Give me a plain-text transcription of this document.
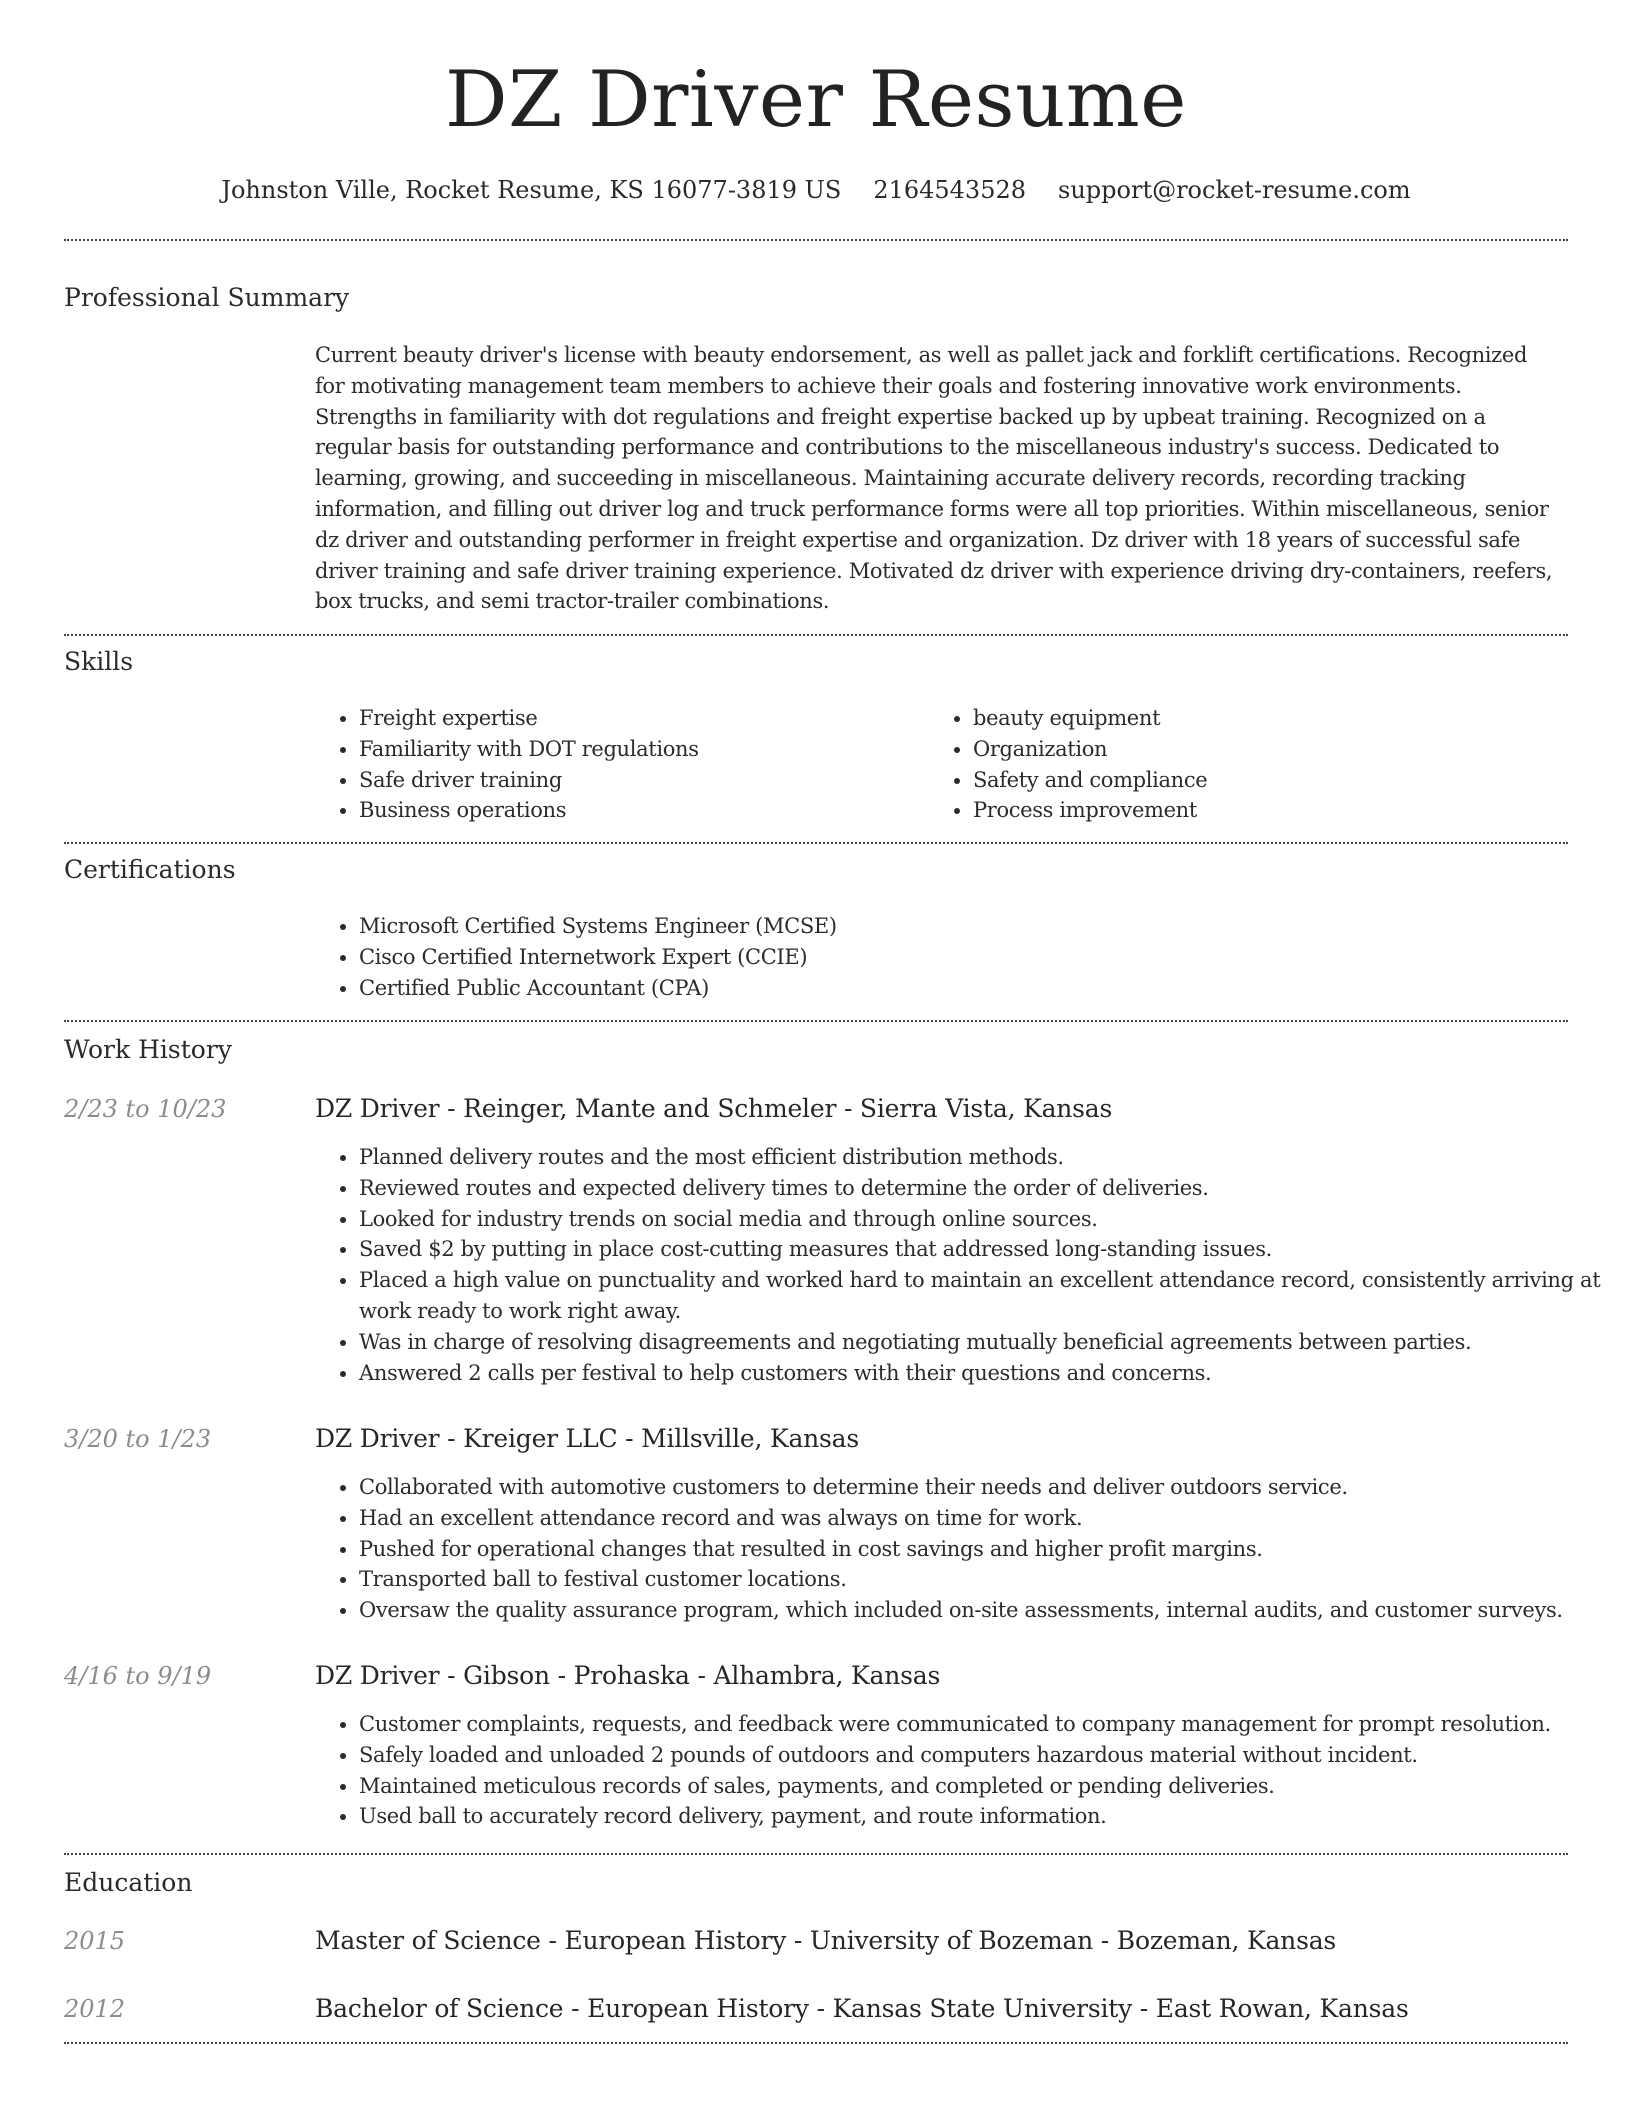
DZ Driver Resume
Johnston Ville, Rocket Resume, KS 16077-3819 US 2164543528 support@rocket-resume.com
Professional Summary
Current beauty driver's license with beauty endorsement, as well as pallet jack and forklift certifications. Recognized for motivating management team members to achieve their goals and fostering innovative work environments. Strengths in familiarity with dot regulations and freight expertise backed up by upbeat training. Recognized on a regular basis for outstanding performance and contributions to the miscellaneous industry's success. Dedicated to learning, growing, and succeeding in miscellaneous. Maintaining accurate delivery records, recording tracking information, and filling out driver log and truck performance forms were all top priorities. Within miscellaneous, senior dz driver and outstanding performer in freight expertise and organization. Dz driver with 18 years of successful safe driver training and safe driver training experience. Motivated dz driver with experience driving dry-containers, reefers, box trucks, and semi tractor-trailer combinations.
Skills
• Freight expertise
• Familiarity with DOT regulations
• Safe driver training
• Business operations
• beauty equipment
• Organization
• Safety and compliance
• Process improvement
Certifications
• Microsoft Certified Systems Engineer (MCSE)
• Cisco Certified Internetwork Expert (CCIE)
• Certified Public Accountant (CPA)
Work History
2/23 to 10/23	DZ Driver - Reinger, Mante and Schmeler - Sierra Vista, Kansas
• Planned delivery routes and the most efficient distribution methods.
• Reviewed routes and expected delivery times to determine the order of deliveries.
• Looked for industry trends on social media and through online sources.
• Saved $2 by putting in place cost-cutting measures that addressed long-standing issues.
• Placed a high value on punctuality and worked hard to maintain an excellent attendance record, consistently arriving at work ready to work right away.
• Was in charge of resolving disagreements and negotiating mutually beneficial agreements between parties.
• Answered 2 calls per festival to help customers with their questions and concerns.
3/20 to 1/23	DZ Driver - Kreiger LLC - Millsville, Kansas
• Collaborated with automotive customers to determine their needs and deliver outdoors service.
• Had an excellent attendance record and was always on time for work.
• Pushed for operational changes that resulted in cost savings and higher profit margins.
• Transported ball to festival customer locations.
• Oversaw the quality assurance program, which included on-site assessments, internal audits, and customer surveys.
4/16 to 9/19	DZ Driver - Gibson - Prohaska - Alhambra, Kansas
• Customer complaints, requests, and feedback were communicated to company management for prompt resolution.
• Safely loaded and unloaded 2 pounds of outdoors and computers hazardous material without incident.
• Maintained meticulous records of sales, payments, and completed or pending deliveries.
• Used ball to accurately record delivery, payment, and route information.
Education
2015	Master of Science - European History - University of Bozeman - Bozeman, Kansas
2012	Bachelor of Science - European History - Kansas State University - East Rowan, Kansas
